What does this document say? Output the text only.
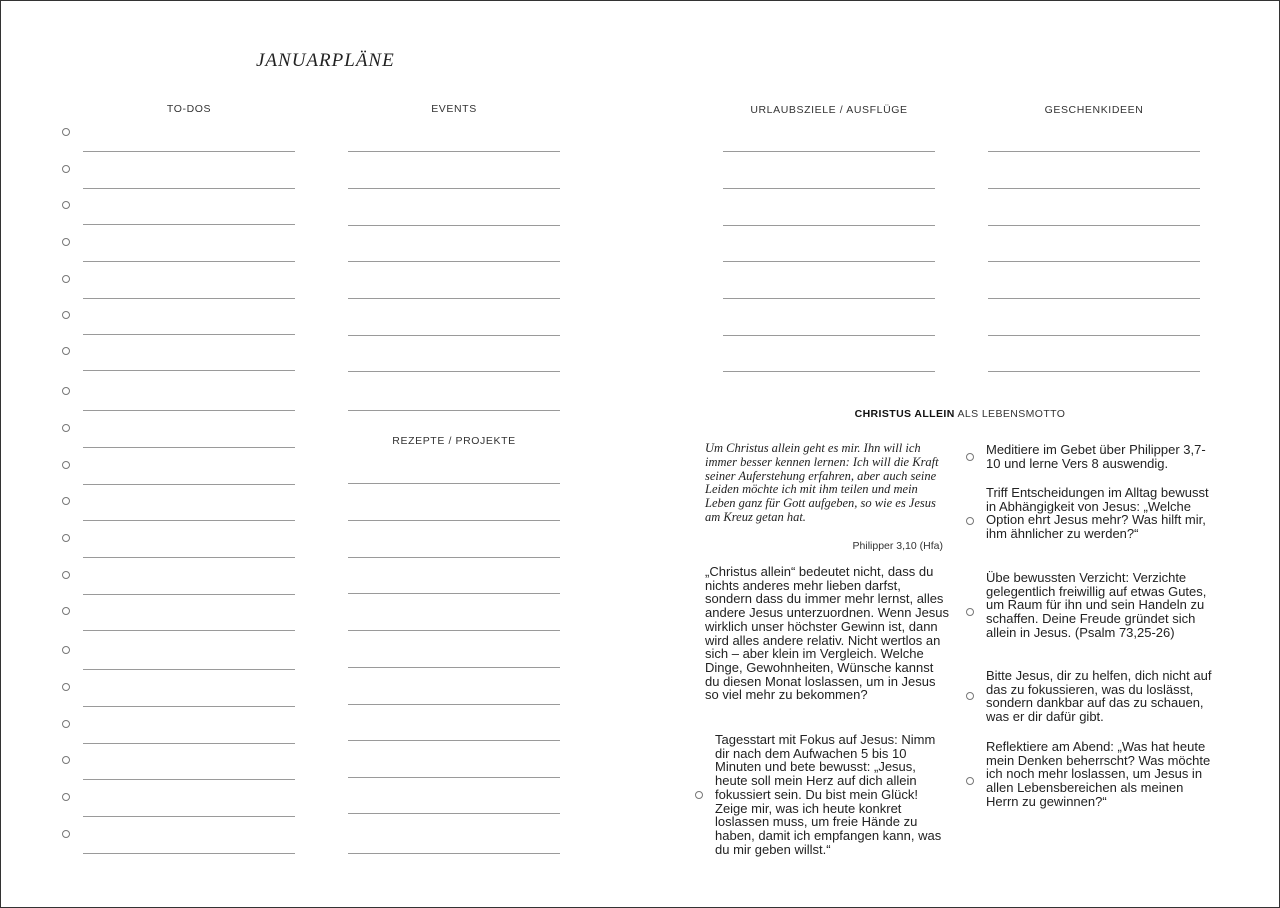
JANUARPLÄNE
TO-DOS	EVENTS
REZEPTE / PROJEKTE
URLAUBSZIELE / AUSFLÜGE	GESCHENKIDEEN
CHRISTUS ALLEIN ALS LEBENSMOTTO
Um Christus allein geht es mir. Ihn will ich immer besser kennen lernen: Ich will die Kraft seiner Auferstehung erfahren, aber auch seine Leiden möchte ich mit ihm teilen und mein Leben ganz für Gott aufgeben, so wie es Jesus am Kreuz getan hat.
Philipper 3,10 (Hfa)
„Christus allein“ bedeutet nicht, dass du nichts anderes mehr lieben darfst, sondern dass du immer mehr lernst, alles andere Jesus unterzuordnen. Wenn Jesus wirklich unser höchster Gewinn ist, dann wird alles andere relativ. Nicht wertlos an sich – aber klein im Vergleich. Welche Dinge, Gewohnheiten, Wünsche kannst du diesen Monat loslassen, um in Jesus so viel mehr zu bekommen?
Tagesstart mit Fokus auf Jesus: Nimm dir nach dem Aufwachen 5 bis 10 Minuten und bete bewusst: „Jesus, heute soll mein Herz auf dich allein fokussiert sein. Du bist mein Glück! Zeige mir, was ich heute konkret loslassen muss, um freie Hände zu haben, damit ich empfangen kann, was du mir geben willst.“
Meditiere im Gebet über Philipper 3,7-10 und lerne Vers 8 auswendig.
Triff Entscheidungen im Alltag bewusst in Abhängigkeit von Jesus: „Welche Option ehrt Jesus mehr? Was hilft mir, ihm ähnlicher zu werden?“
Übe bewussten Verzicht: Verzichte gelegentlich freiwillig auf etwas Gutes, um Raum für ihn und sein Handeln zu schaffen. Deine Freude gründet sich allein in Jesus. (Psalm 73,25-26)
Bitte Jesus, dir zu helfen, dich nicht auf das zu fokussieren, was du loslässt, sondern dankbar auf das zu schauen, was er dir dafür gibt.
Reflektiere am Abend: „Was hat heute mein Denken beherrscht? Was möchte ich noch mehr loslassen, um Jesus in allen Lebensbereichen als meinen Herrn zu gewinnen?“
